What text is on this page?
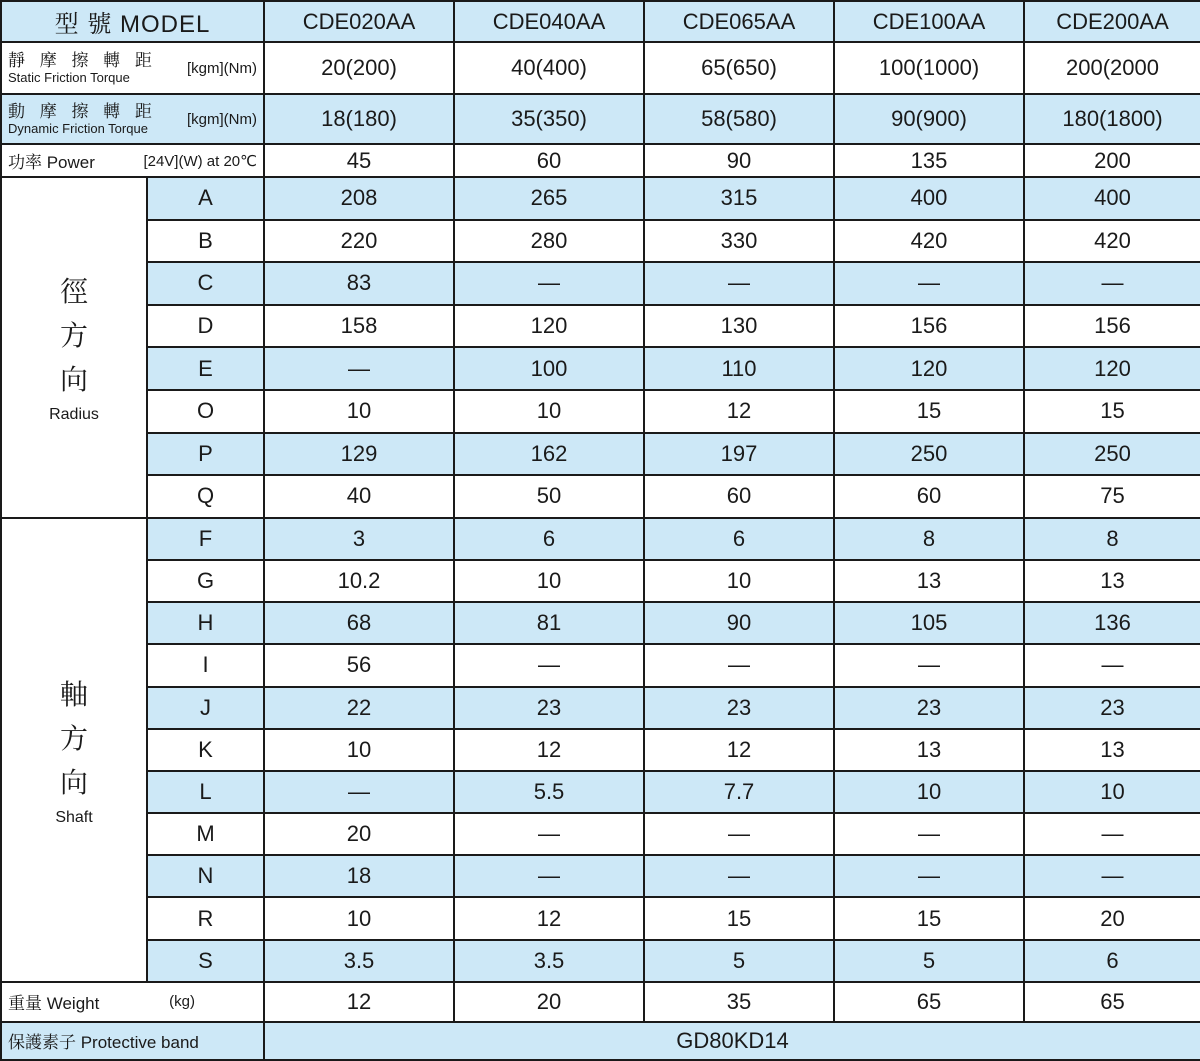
型 號 MODEL		CDE020AA	CDE040AA	CDE065AA	CDE100AA	CDE200AA

靜 摩 擦 轉 距
Static Friction Torque
[kgm](Nm)		20(200)	40(400)	65(650)	100(1000)	200(2000

動 摩 擦 轉 距
Dynamic Friction Torque
[kgm](Nm)		18(180)	35(350)	58(580)	90(900)	180(1800)

功率 Power [24V](W) at 20℃		45	60	90	135	200

徑
方
向
Radius	A	208	265	315	400	400
	B	220	280	330	420	420
	C	83	—	—	—	—
	D	158	120	130	156	156
	E	—	100	110	120	120
	O	10	10	12	15	15
	P	129	162	197	250	250
	Q	40	50	60	60	75

軸
方
向
Shaft	F	3	6	6	8	8
	G	10.2	10	10	13	13
	H	68	81	90	105	136
	I	56	—	—	—	—
	J	22	23	23	23	23
	K	10	12	12	13	13
	L	—	5.5	7.7	10	10
	M	20	—	—	—	—
	N	18	—	—	—	—
	R	10	12	15	15	20
	S	3.5	3.5	5	5	6

重量 Weight (kg)		12	20	35	65	65
保護素子 Protective band		GD80KD14				
